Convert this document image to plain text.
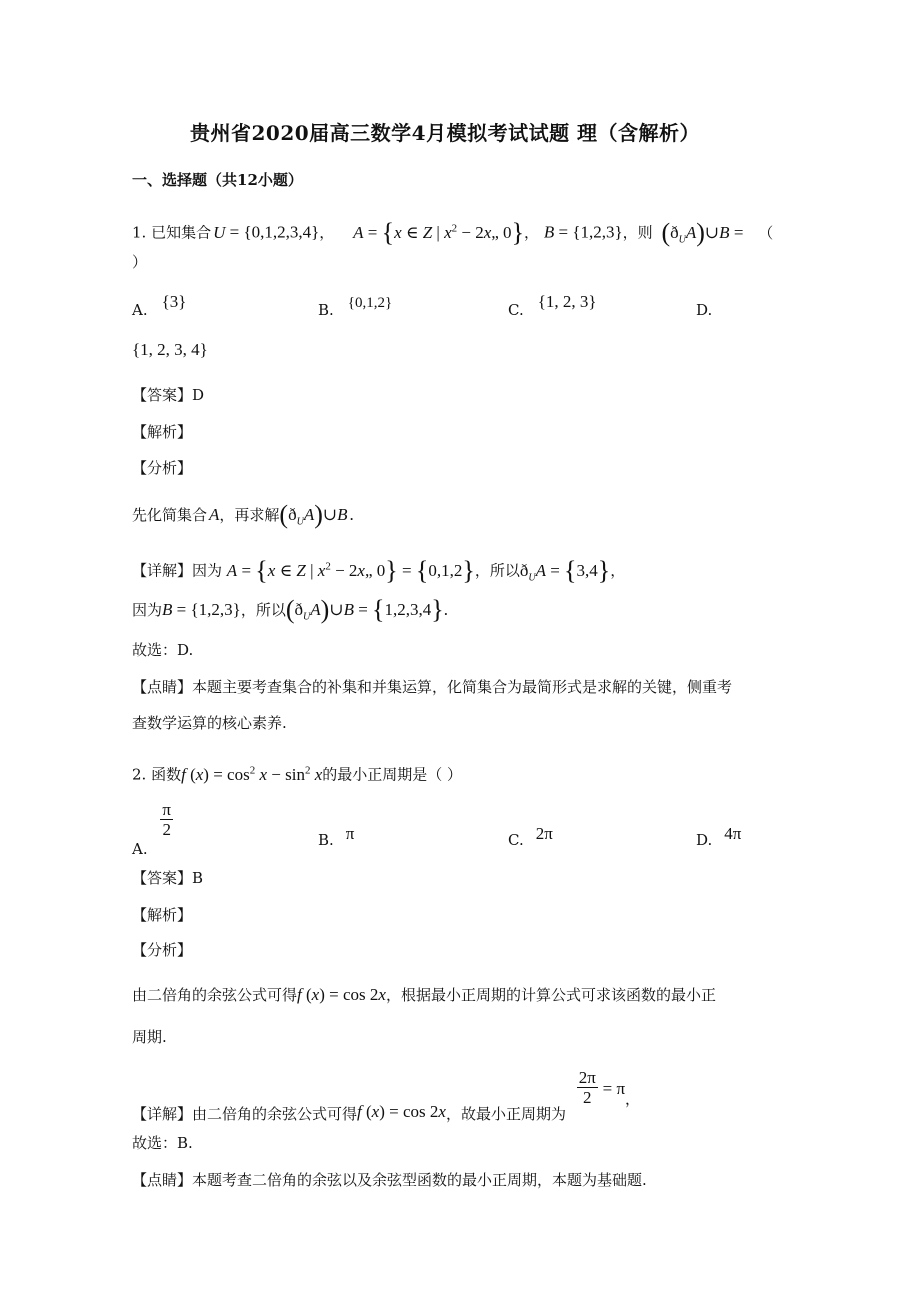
贵州省2020届高三数学4月模拟考试试题 理（含解析）
一、选择题（共12小题）
1. 已知集合 U = {0,1,2,3,4}， A = {x ∈ Z | $x^2$ − 2x„ 0}， B = {1,2,3}，则 $(ð_UA)\cup B$ = （
）
A. {3}	B. {0,1,2}	C. {1, 2, 3}	D.
{1, 2, 3, 4}
【答案】D
【解析】
【分析】
先化简集合 A，再求解$(ð_UA)\cup B$ .
【详解】因为 A = {x ∈ Z | $x^2$ − 2x„ 0} = {0,1,2}，所以$ð_UA = \{3,4\}$，
因为B = {1,2,3}，所以$(ð_UA)\cup B = \{1,2,3,4\}$.
故选：D.
【点睛】本题主要考查集合的补集和并集运算，化简集合为最简形式是求解的关键，侧重考
查数学运算的核心素养.
2. 函数f $(x) = \cos^2 x - \sin^2 x$的最小正周期是（ ）
A.
$\frac{\pi}{2}$
B. π	C. 2π	D. 4π
【答案】B
【解析】
【分析】
由二倍角的余弦公式可得f (x) = cos 2x，根据最小正周期的计算公式可求该函数的最小正
周期.
【详解】由二倍角的余弦公式可得f (x) = cos 2x，故最小正周期为
$\frac{2\pi}{2} = \pi$，
故选：B.
【点睛】本题考查二倍角的余弦以及余弦型函数的最小正周期，本题为基础题.
